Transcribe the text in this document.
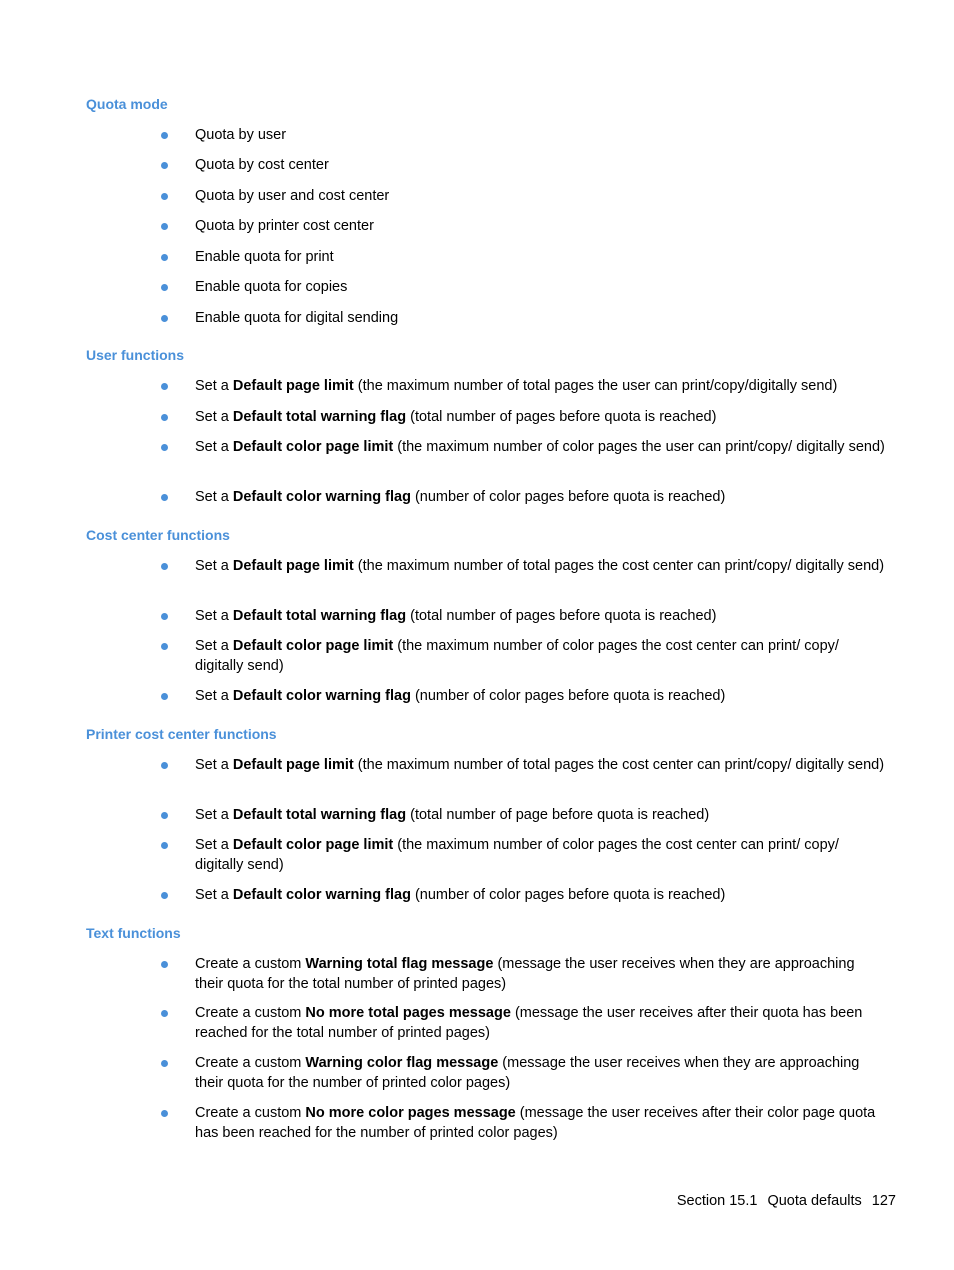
Quota mode
Quota by user
Quota by cost center
Quota by user and cost center
Quota by printer cost center
Enable quota for print
Enable quota for copies
Enable quota for digital sending
User functions
Set a Default page limit (the maximum number of total pages the user can print/copy/digitally send)
Set a Default total warning flag (total number of pages before quota is reached)
Set a Default color page limit (the maximum number of color pages the user can print/copy/ digitally send)
Set a Default color warning flag (number of color pages before quota is reached)
Cost center functions
Set a Default page limit (the maximum number of total pages the cost center can print/copy/ digitally send)
Set a Default total warning flag (total number of pages before quota is reached)
Set a Default color page limit (the maximum number of color pages the cost center can print/ copy/ digitally send)
Set a Default color warning flag (number of color pages before quota is reached)
Printer cost center functions
Set a Default page limit (the maximum number of total pages the cost center can print/copy/ digitally send)
Set a Default total warning flag (total number of page before quota is reached)
Set a Default color page limit (the maximum number of color pages the cost center can print/ copy/ digitally send)
Set a Default color warning flag (number of color pages before quota is reached)
Text functions
Create a custom Warning total flag message (message the user receives when they are approaching their quota for the total number of printed pages)
Create a custom No more total pages message (message the user receives after their quota has been reached for the total number of printed pages)
Create a custom Warning color flag message (message the user receives when they are approaching their quota for the number of printed color pages)
Create a custom No more color pages message (message the user receives after their color page quota has been reached for the number of printed color pages)
Section 15.1 Quota defaults 127
